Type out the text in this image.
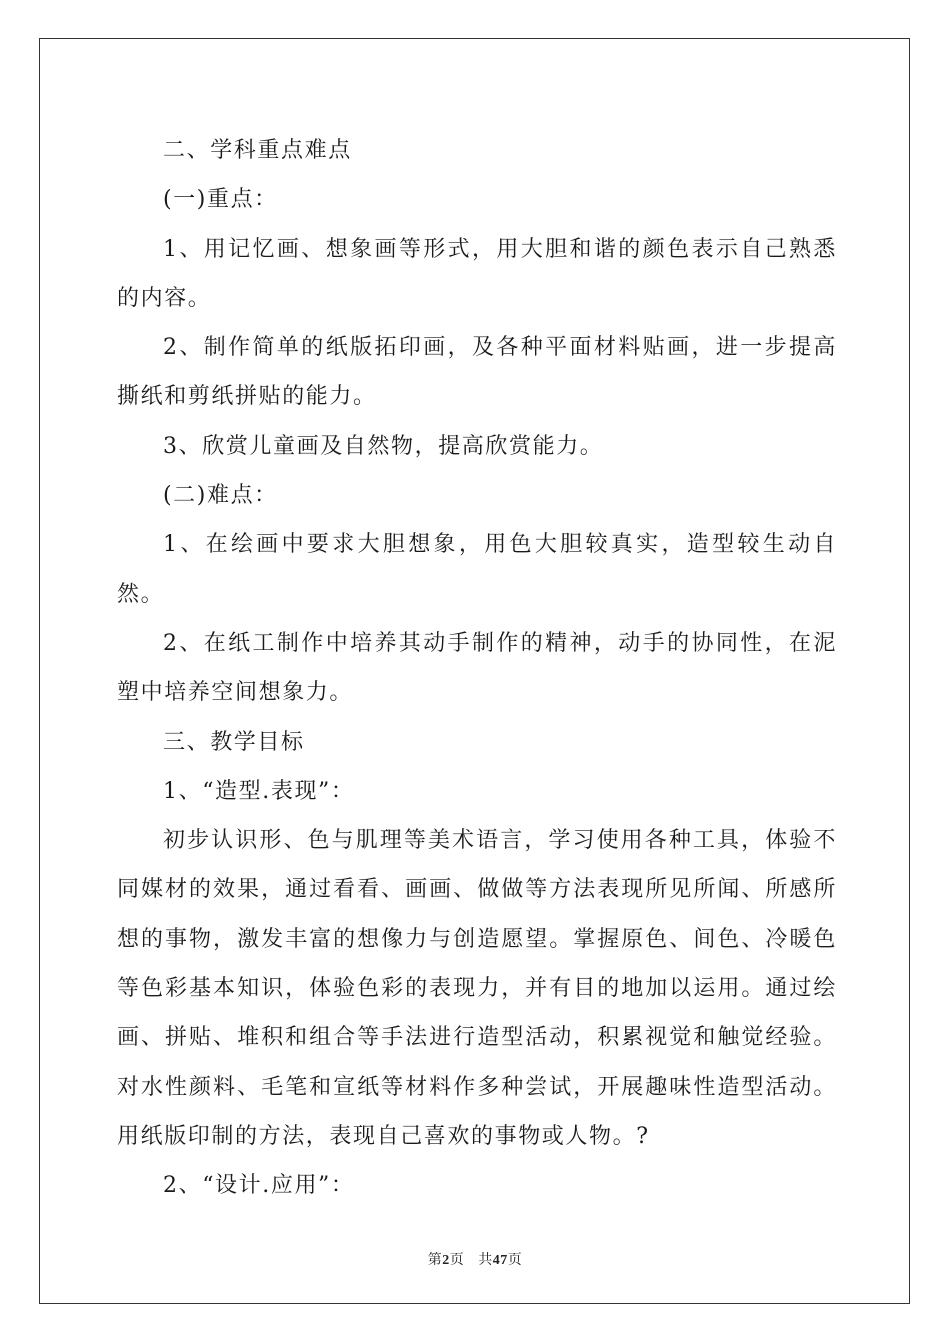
二、学科重点难点

(一)重点：

1、用记忆画、想象画等形式，用大胆和谐的颜色表示自己熟悉的内容。

2、制作简单的纸版拓印画，及各种平面材料贴画，进一步提高撕纸和剪纸拼贴的能力。

3、欣赏儿童画及自然物，提高欣赏能力。

(二)难点：

1、在绘画中要求大胆想象，用色大胆较真实，造型较生动自然。

2、在纸工制作中培养其动手制作的精神，动手的协同性，在泥塑中培养空间想象力。

三、教学目标

1、“造型.表现”：

初步认识形、色与肌理等美术语言，学习使用各种工具，体验不同媒材的效果，通过看看、画画、做做等方法表现所见所闻、所感所想的事物，激发丰富的想像力与创造愿望。掌握原色、间色、冷暖色等色彩基本知识，体验色彩的表现力，并有目的地加以运用。通过绘画、拼贴、堆积和组合等手法进行造型活动，积累视觉和触觉经验。对水性颜料、毛笔和宣纸等材料作多种尝试，开展趣味性造型活动。用纸版印制的方法，表现自己喜欢的事物或人物。?

2、“设计.应用”：

第2页 共47页
